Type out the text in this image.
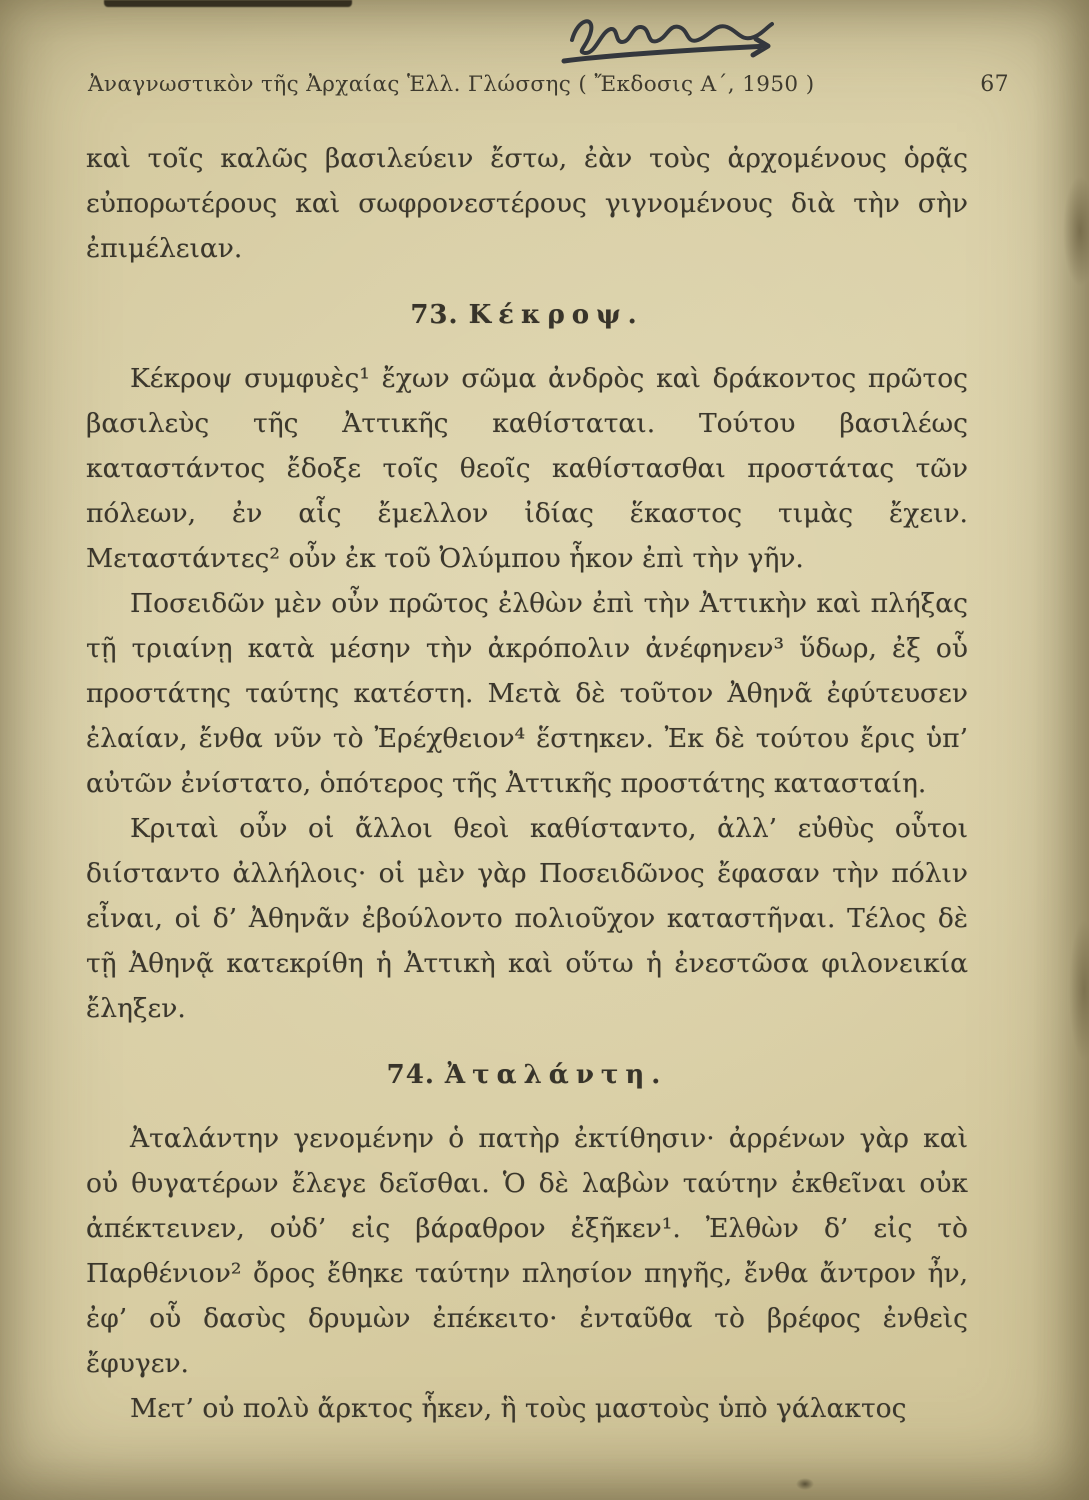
Ἀναγνωστικὸν τῆς Ἀρχαίας Ἑλλ. Γλώσσης ( Ἔκδοσις Α΄, 1950 )	67

καὶ τοῖς καλῶς βασιλεύειν ἔστω, ἐὰν τοὺς ἀρχομένους ὁρᾷς εὐπορωτέρους καὶ σωφρονεστέρους γιγνομένους διὰ τὴν σὴν ἐπιμέλειαν.

73. Κέκροψ.

Κέκροψ συμφυὲς¹ ἔχων σῶμα ἀνδρὸς καὶ δράκοντος πρῶτος βασιλεὺς τῆς Ἀττικῆς καθίσταται. Τούτου βασιλέως καταστάντος ἔδοξε τοῖς θεοῖς καθίστασθαι προστάτας τῶν πόλεων, ἐν αἷς ἔμελλον ἰδίας ἕκαστος τιμὰς ἔχειν. Μεταστάντες² οὖν ἐκ τοῦ Ὀλύμπου ἧκον ἐπὶ τὴν γῆν.

Ποσειδῶν μὲν οὖν πρῶτος ἐλθὼν ἐπὶ τὴν Ἀττικὴν καὶ πλήξας τῇ τριαίνῃ κατὰ μέσην τὴν ἀκρόπολιν ἀνέφηνεν³ ὕδωρ, ἐξ οὗ προστάτης ταύτης κατέστη. Μετὰ δὲ τοῦτον Ἀθηνᾶ ἐφύτευσεν ἐλαίαν, ἔνθα νῦν τὸ Ἐρέχθειον⁴ ἕστηκεν. Ἐκ δὲ τούτου ἔρις ὑπ’ αὐτῶν ἐνίστατο, ὁπότερος τῆς Ἀττικῆς προστάτης κατασταίη.

Κριταὶ οὖν οἱ ἄλλοι θεοὶ καθίσταντο, ἀλλ’ εὐθὺς οὗτοι διίσταντο ἀλλήλοις· οἱ μὲν γὰρ Ποσειδῶνος ἔφασαν τὴν πόλιν εἶναι, οἱ δ’ Ἀθηνᾶν ἐβούλοντο πολιοῦχον καταστῆναι. Τέλος δὲ τῇ Ἀθηνᾷ κατεκρίθη ἡ Ἀττικὴ καὶ οὕτω ἡ ἐνεστῶσα φιλονεικία ἔληξεν.

74. Ἀταλάντη.

Ἀταλάντην γενομένην ὁ πατὴρ ἐκτίθησιν· ἀρρένων γὰρ καὶ οὐ θυγατέρων ἔλεγε δεῖσθαι. Ὁ δὲ λαβὼν ταύτην ἐκθεῖναι οὐκ ἀπέκτεινεν, οὐδ’ εἰς βάραθρον ἐξῆκεν¹. Ἐλθὼν δ’ εἰς τὸ Παρθένιον² ὄρος ἔθηκε ταύτην πλησίον πηγῆς, ἔνθα ἄντρον ἦν, ἐφ’ οὗ δασὺς δρυμὼν ἐπέκειτο· ἐνταῦθα τὸ βρέφος ἐνθεὶς ἔφυγεν.

Μετ’ οὐ πολὺ ἄρκτος ἧκεν, ἣ τοὺς μαστοὺς ὑπὸ γάλακτος
